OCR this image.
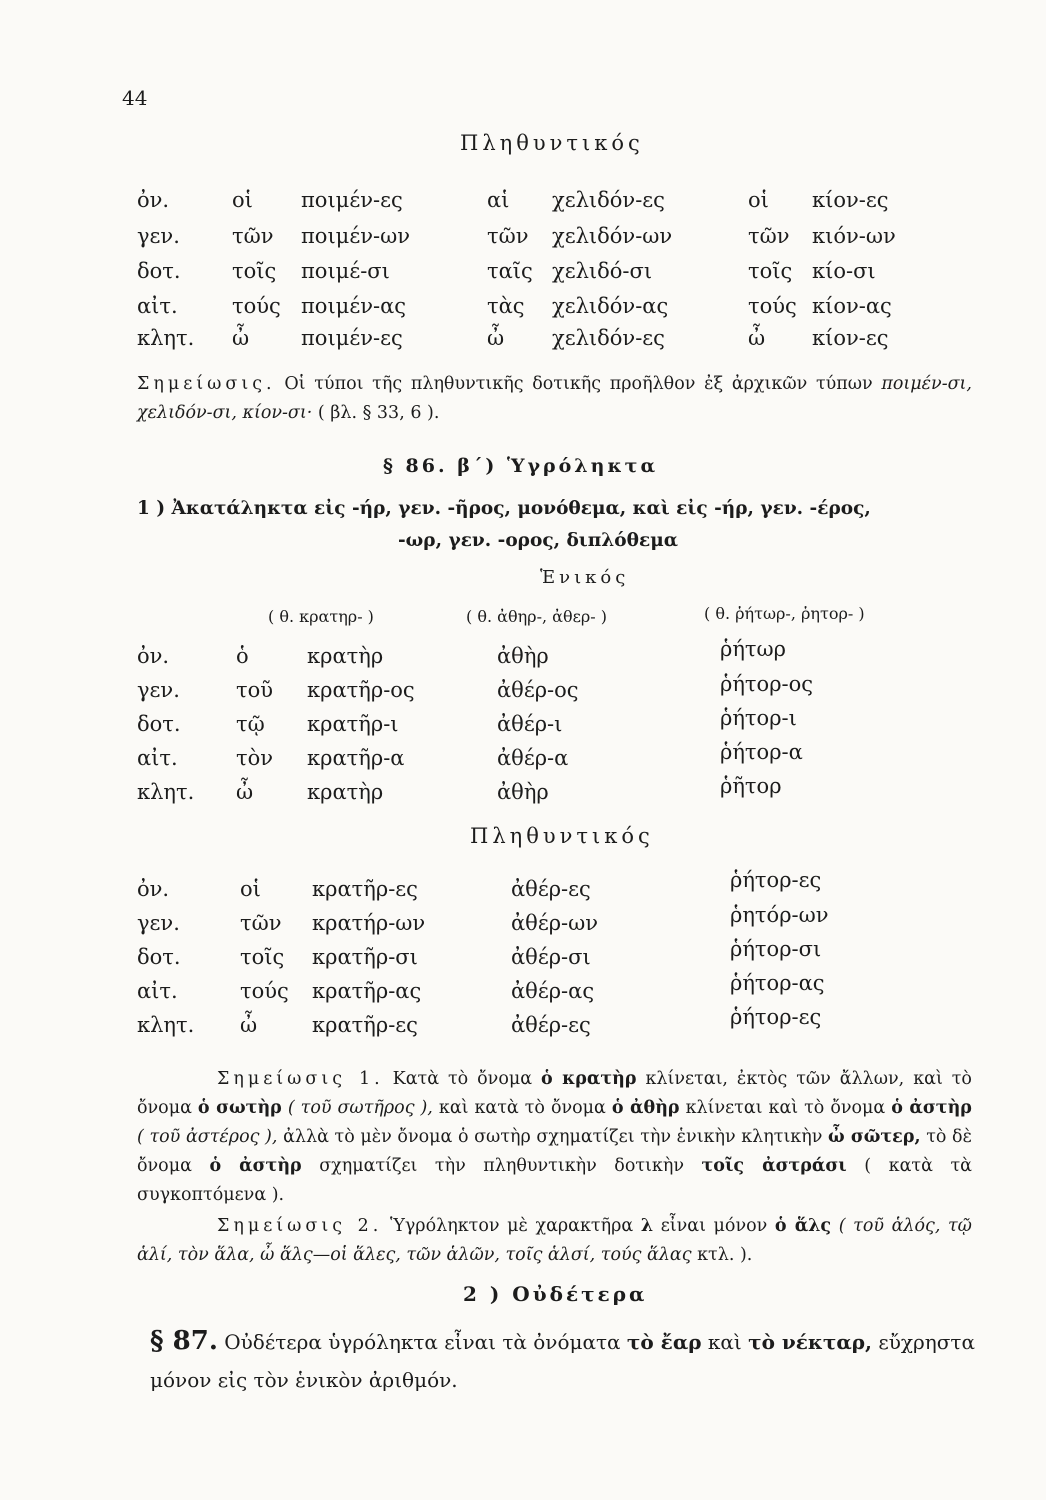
44
Πληθυντικός
ὀν.	οἱ ποιμέν-ες	αἱ χελιδόν-ες	οἱ κίον-ες
γεν. τῶν ποιμέν-ων	τῶν χελιδόν-ων	τῶν κιόν-ων
δοτ. τοῖς ποιμέ-σι	ταῖς χελιδό-σι	τοῖς κίο-σι
αἰτ.	τούς ποιμέν-ας	τὰς χελιδόν-ας	τούς κίον-ας
κλητ. ὦ ποιμέν-ες	ὦ χελιδόν-ες	ὦ κίον-ες
Σημείωσις. Οἱ τύποι τῆς πληθυντικῆς δοτικῆς προῆλθον ἐξ ἀρχικῶν τύπων ποιμέν-σι, χελιδόν-σι, κίον-σι· ( βλ. § 33, 6 ).
§ 86. β΄) Ὑγρόληκτα
1 ) Ἀκατάληκτα εἰς -ήρ, γεν. -ῆρος, μονόθεμα, καὶ εἰς -ήρ, γεν. -έρος,
-ωρ, γεν. -ορος, διπλόθεμα
Ἑνικός
( θ. κρατηρ- )	( θ. ἀθηρ-, ἀθερ- )	( θ. ῥήτωρ-, ῥητορ- )
ὀν.	ὁ	κρατὴρ	ἀθὴρ	ῥήτωρ
γεν.	τοῦ κρατῆρ-ος	ἀθέρ-ος	ῥήτορ-ος
δοτ.	τῷ κρατῆρ-ι	ἀθέρ-ι	ῥήτορ-ι
αἰτ.	τὸν κρατῆρ-α	ἀθέρ-α	ῥήτορ-α
κλητ. ὦ	κρατὴρ	ἀθὴρ	ῥῆτορ
Πληθυντικός
ὀν.	οἱ κρατῆρ-ες	ἀθέρ-ες	ῥήτορ-ες
γεν.	τῶν κρατήρ-ων	ἀθέρ-ων	ῥητόρ-ων
δοτ.	τοῖς κρατῆρ-σι	ἀθέρ-σι	ῥήτορ-σι
αἰτ.	τούς κρατῆρ-ας	ἀθέρ-ας	ῥήτορ-ας
κλητ. ὦ	κρατῆρ-ες	ἀθέρ-ες	ῥήτορ-ες
Σημείωσις 1. Κατὰ τὸ ὄνομα ὁ κρατὴρ κλίνεται, ἐκτὸς τῶν ἄλλων, καὶ τὸ ὄνομα ὁ σωτὴρ ( τοῦ σωτῆρος ), καὶ κατὰ τὸ ὄνομα ὁ ἀθὴρ κλίνεται καὶ τὸ ὄνομα ὁ ἀστὴρ ( τοῦ ἀστέρος ), ἀλλὰ τὸ μὲν ὄνομα ὁ σωτὴρ σχηματίζει τὴν ἑνικὴν κλητικὴν ὦ σῶτερ, τὸ δὲ ὄνομα ὁ ἀστὴρ σχηματίζει τὴν πληθυντικὴν δοτικὴν τοῖς ἀστράσι ( κατὰ τὰ συγκοπτόμενα ).
Σημείωσις 2. Ὑγρόληκτον μὲ χαρακτῆρα λ εἶναι μόνον ὁ ἅλς ( τοῦ ἁλός, τῷ ἁλί, τὸν ἅλα, ὦ ἅλς—οἱ ἅλες, τῶν ἁλῶν, τοῖς ἁλσί, τούς ἅλας κτλ. ).
2 ) Οὐδέτερα
§ 87. Οὐδέτερα ὑγρόληκτα εἶναι τὰ ὀνόματα τὸ ἔαρ καὶ τὸ νέκταρ, εὔχρηστα μόνον εἰς τὸν ἑνικὸν ἀριθμόν.
